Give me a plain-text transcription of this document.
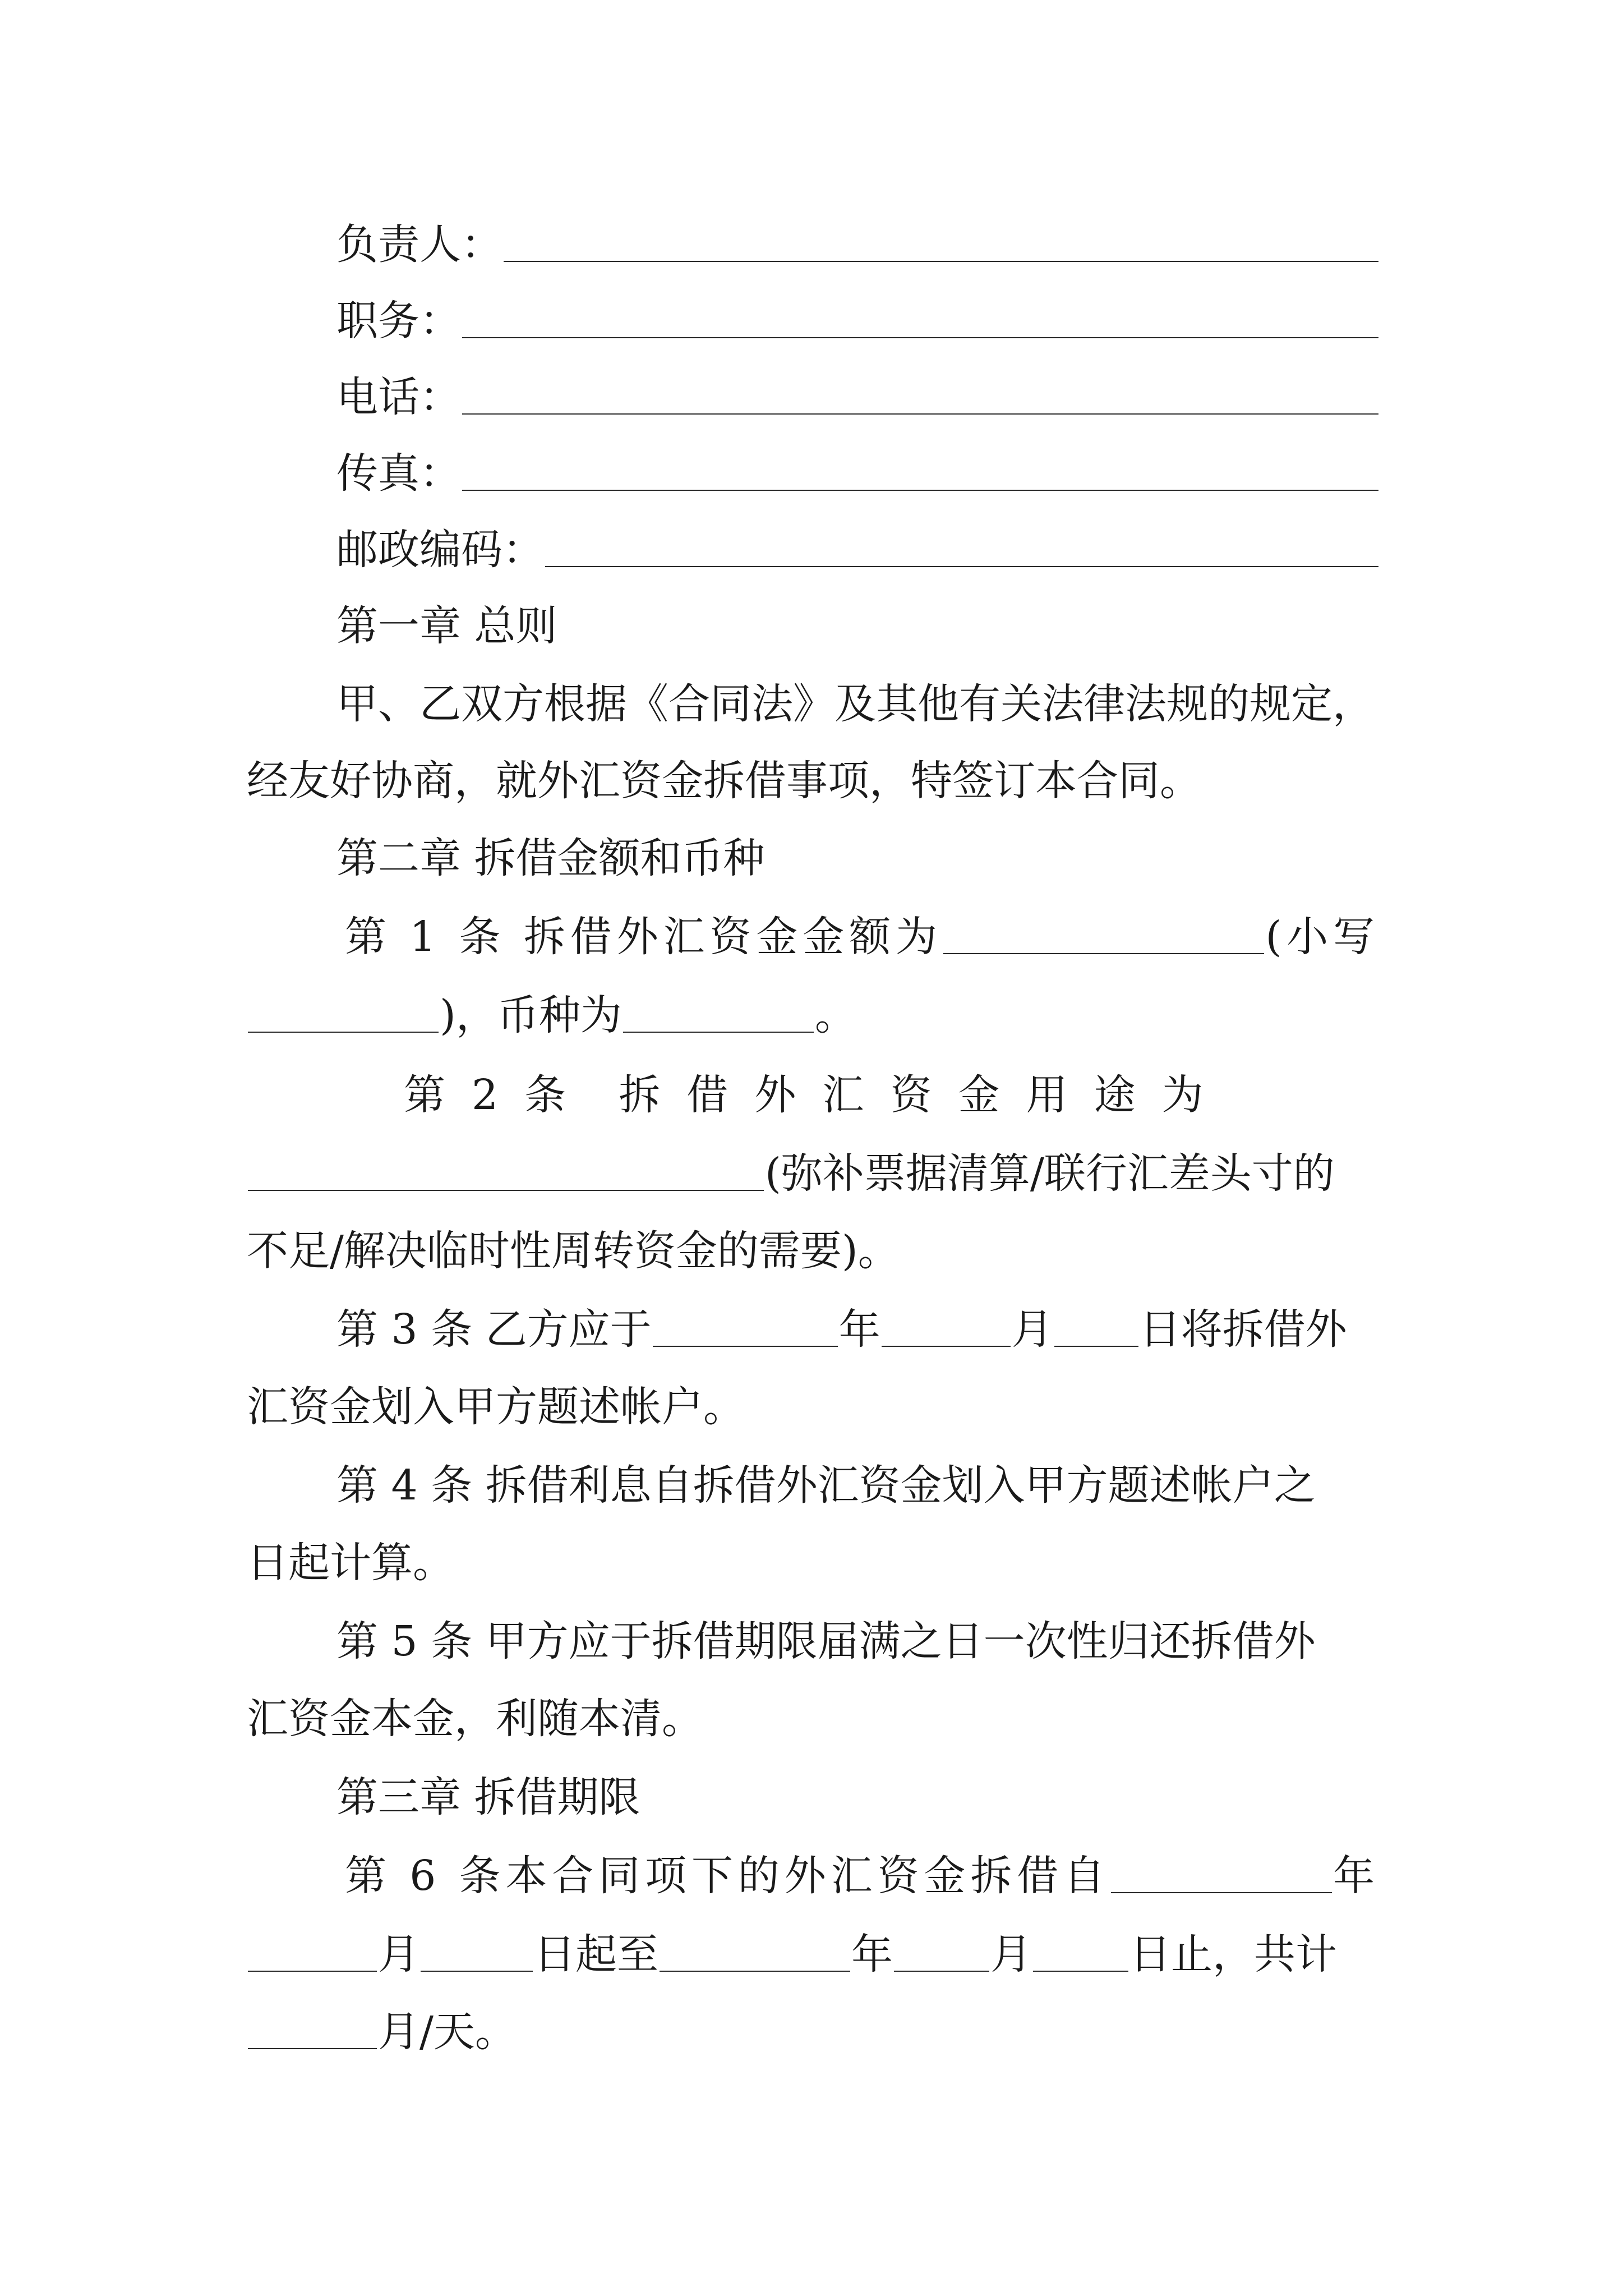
负责人：
职务：
电话：
传真：
邮政编码：
第一章 总则
甲、乙双方根据《合同法》及其他有关法律法规的规定，
经友好协商，就外汇资金拆借事项，特签订本合同。
第二章 拆借金额和币种
第 1 条 拆借外汇资金金额为	(小写
)，币种为	。
第  2  条    拆  借  外  汇  资  金  用  途  为
(弥补票据清算/联行汇差头寸的
不足/解决临时性周转资金的需要)。
第 3 条 乙方应于	年	月 日将拆借外
汇资金划入甲方题述帐户。
第 4 条 拆借利息自拆借外汇资金划入甲方题述帐户之
日起计算。
第 5 条 甲方应于拆借期限届满之日一次性归还拆借外
汇资金本金，利随本清。
第三章 拆借期限
第 6 条本合同项下的外汇资金拆借自	年
月	日起至	年 月 日止，共计
月/天。
